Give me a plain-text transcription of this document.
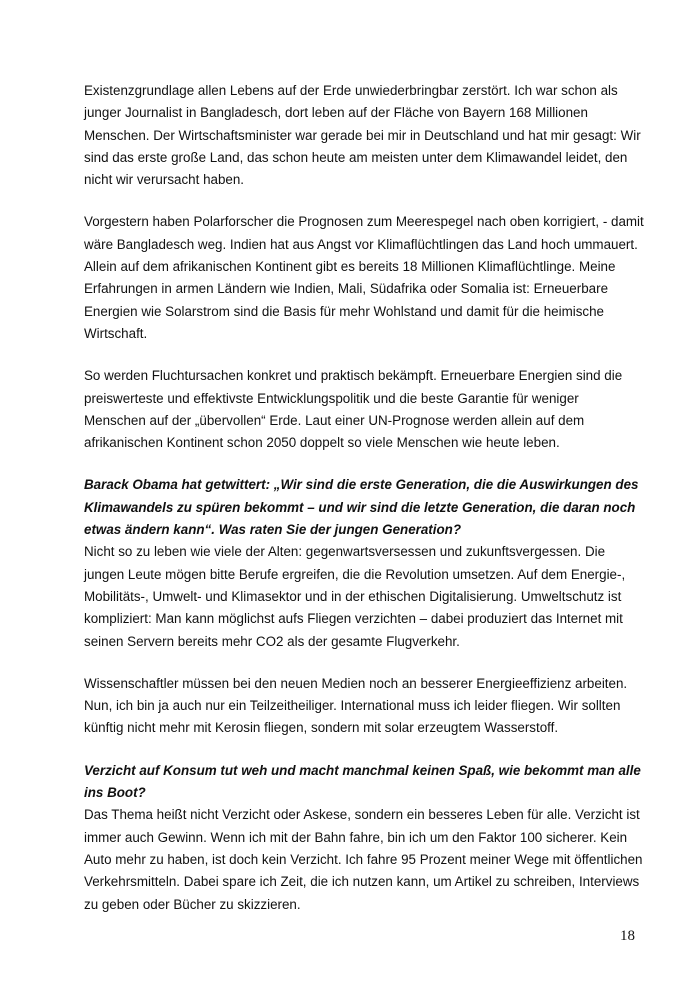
Existenzgrundlage allen Lebens auf der Erde unwiederbringbar zerstört. Ich war schon als junger Journalist in Bangladesch, dort leben auf der Fläche von Bayern 168 Millionen Menschen. Der Wirtschaftsminister war gerade bei mir in Deutschland und hat mir gesagt: Wir sind das erste große Land, das schon heute am meisten unter dem Klimawandel leidet, den nicht wir verursacht haben.

Vorgestern haben Polarforscher die Prognosen zum Meerespegel nach oben korrigiert, - damit wäre Bangladesch weg. Indien hat aus Angst vor Klimaflüchtlingen das Land hoch ummauert. Allein auf dem afrikanischen Kontinent gibt es bereits 18 Millionen Klimaflüchtlinge. Meine Erfahrungen in armen Ländern wie Indien, Mali, Südafrika oder Somalia ist: Erneuerbare Energien wie Solarstrom sind die Basis für mehr Wohlstand und damit für die heimische Wirtschaft.

So werden Fluchtursachen konkret und praktisch bekämpft. Erneuerbare Energien sind die preiswerteste und effektivste Entwicklungspolitik und die beste Garantie für weniger Menschen auf der „übervollen“ Erde. Laut einer UN-Prognose werden allein auf dem afrikanischen Kontinent schon 2050 doppelt so viele Menschen wie heute leben.

Barack Obama hat getwittert: „Wir sind die erste Generation, die die Auswirkungen des Klimawandels zu spüren bekommt – und wir sind die letzte Generation, die daran noch etwas ändern kann“. Was raten Sie der jungen Generation?
Nicht so zu leben wie viele der Alten: gegenwartsversessen und zukunftsvergessen. Die jungen Leute mögen bitte Berufe ergreifen, die die Revolution umsetzen. Auf dem Energie-, Mobilitäts-, Umwelt- und Klimasektor und in der ethischen Digitalisierung. Umweltschutz ist kompliziert: Man kann möglichst aufs Fliegen verzichten – dabei produziert das Internet mit seinen Servern bereits mehr CO2 als der gesamte Flugverkehr.

Wissenschaftler müssen bei den neuen Medien noch an besserer Energieeffizienz arbeiten. Nun, ich bin ja auch nur ein Teilzeitheiliger. International muss ich leider fliegen. Wir sollten künftig nicht mehr mit Kerosin fliegen, sondern mit solar erzeugtem Wasserstoff.

Verzicht auf Konsum tut weh und macht manchmal keinen Spaß, wie bekommt man alle ins Boot?
Das Thema heißt nicht Verzicht oder Askese, sondern ein besseres Leben für alle. Verzicht ist immer auch Gewinn. Wenn ich mit der Bahn fahre, bin ich um den Faktor 100 sicherer. Kein Auto mehr zu haben, ist doch kein Verzicht. Ich fahre 95 Prozent meiner Wege mit öffentlichen Verkehrsmitteln. Dabei spare ich Zeit, die ich nutzen kann, um Artikel zu schreiben, Interviews zu geben oder Bücher zu skizzieren.
18
